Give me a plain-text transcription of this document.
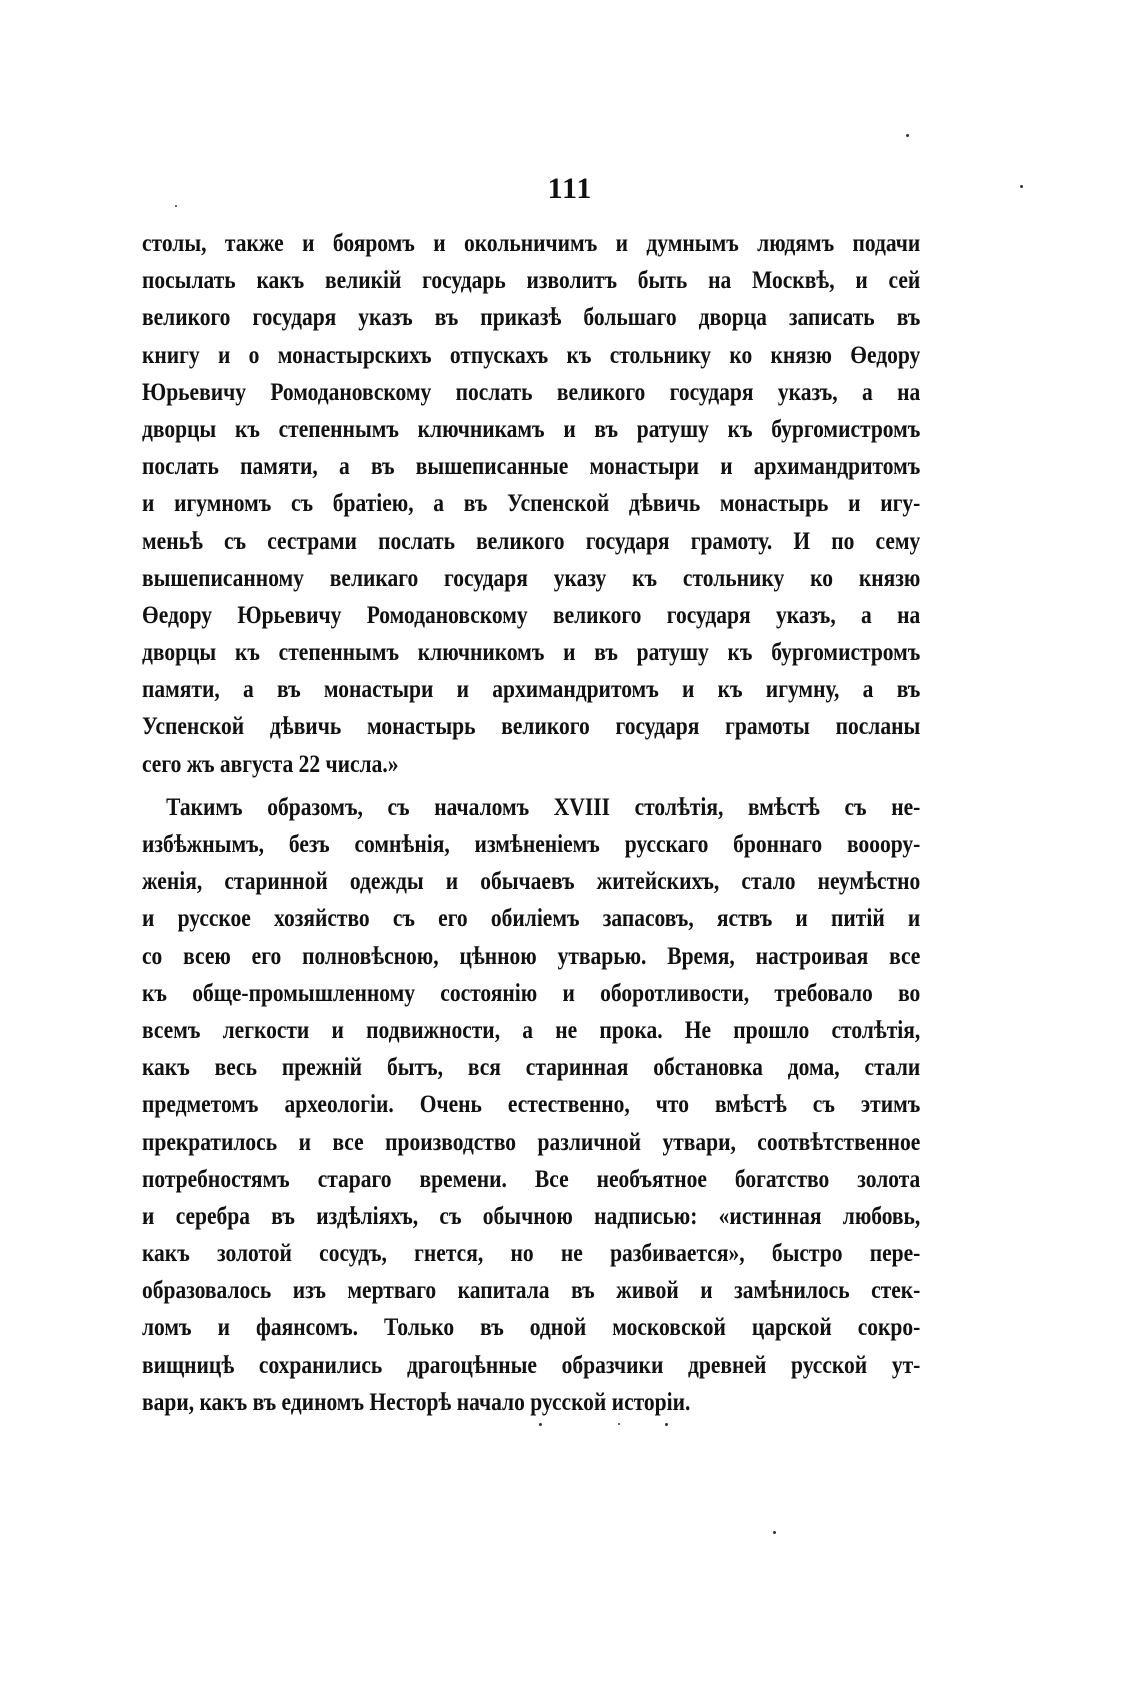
111
столы, также и бояромъ и окольничимъ и думнымъ людямъ подачи
посылать какъ великій государь изволитъ быть на Москвѣ, и сей
великого государя указъ въ приказѣ большаго дворца записать въ
книгу и о монастырскихъ отпускахъ къ стольнику ко князю Өедору
Юрьевичу Ромодановскому послать великого государя указъ, а на
дворцы къ степеннымъ ключникамъ и въ ратушу къ бургомистромъ
послать памяти, а въ вышеписанные монастыри и архимандритомъ
и игумномъ съ братіею, а въ Успенской дѣвичь монастырь и игу-
меньѣ съ сестрами послать великого государя грамоту. И по сему
вышеписанному великаго государя указу къ стольнику ко князю
Өедору Юрьевичу Ромодановскому великого государя указъ, а на
дворцы къ степеннымъ ключникомъ и въ ратушу къ бургомистромъ
памяти, а въ монастыри и архимандритомъ и къ игумну, а въ
Успенской дѣвичь монастырь великого государя грамоты посланы
сего жъ августа 22 числа.»
Такимъ образомъ, съ началомъ XVIII столѣтія, вмѣстѣ съ не-
избѣжнымъ, безъ сомнѣнія, измѣненіемъ русскаго броннаго вооору-
женія, старинной одежды и обычаевъ житейскихъ, стало неумѣстно
и русское хозяйство съ его обиліемъ запасовъ, яствъ и питій и
со всею его полновѣсною, цѣнною утварью. Время, настроивая все
къ обще-промышленному состоянію и оборотливости, требовало во
всемъ легкости и подвижности, а не прока. Не прошло столѣтія,
какъ весь прежній бытъ, вся старинная обстановка дома, стали
предметомъ археологіи. Очень естественно, что вмѣстѣ съ этимъ
прекратилось и все производство различной утвари, соотвѣтственное
потребностямъ стараго времени. Все необъятное богатство золота
и серебра въ издѣліяхъ, съ обычною надписью: «истинная любовь,
какъ золотой сосудъ, гнется, но не разбивается», быстро пере-
образовалось изъ мертваго капитала въ живой и замѣнилось стек-
ломъ и фаянсомъ. Только въ одной московской царской сокро-
вищницѣ сохранились драгоцѣнные образчики древней русской ут-
вари, какъ въ единомъ Несторѣ начало русской исторіи.
